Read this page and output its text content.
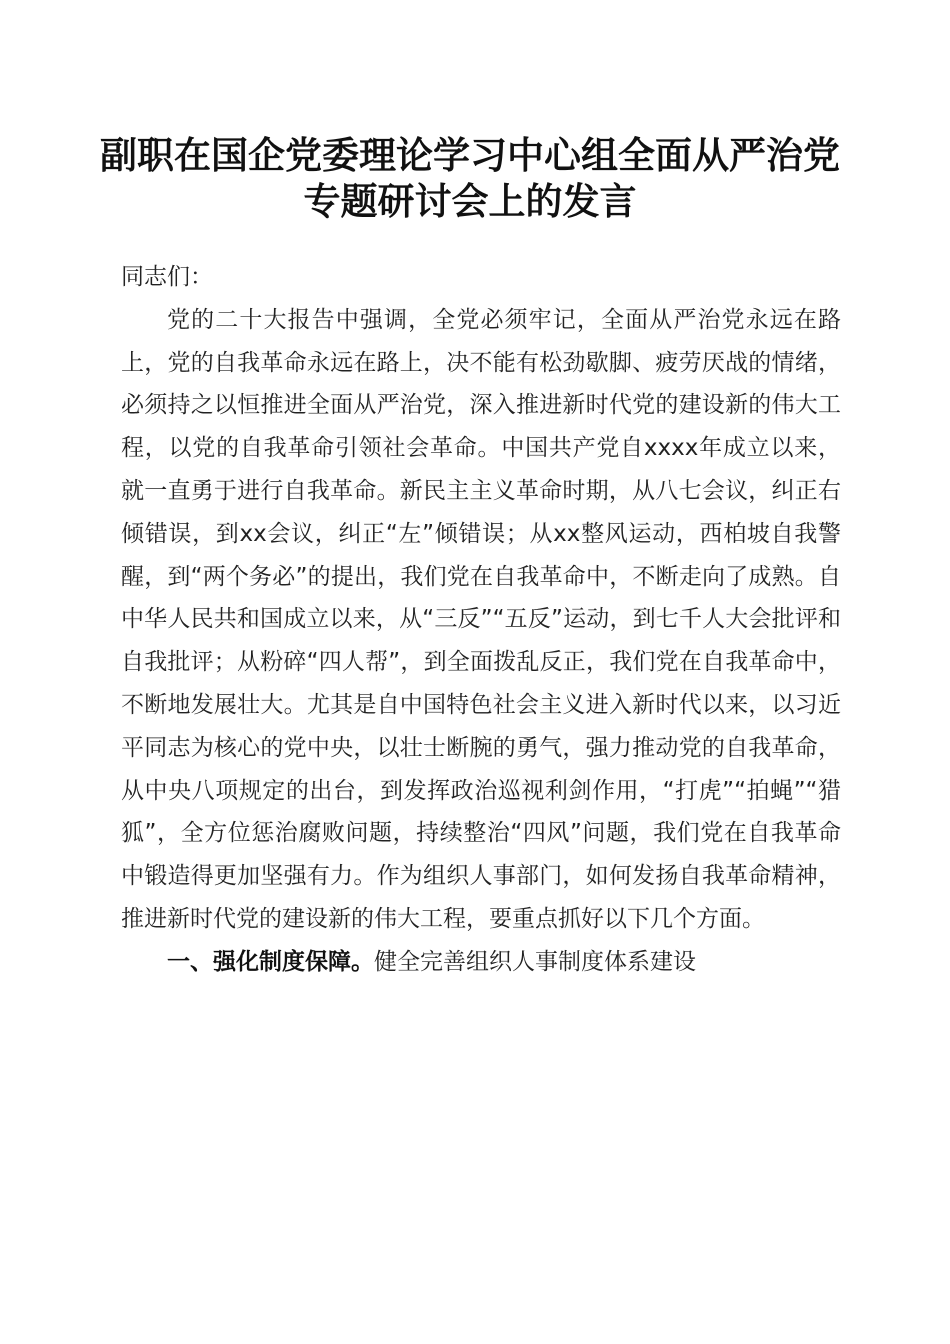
副职在国企党委理论学习中心组全面从严治党
专题研讨会上的发言

同志们：

党的二十大报告中强调，全党必须牢记，全面从严治党永远在路上，党的自我革命永远在路上，决不能有松劲歇脚、疲劳厌战的情绪，必须持之以恒推进全面从严治党，深入推进新时代党的建设新的伟大工程，以党的自我革命引领社会革命。中国共产党自xxxx年成立以来，就一直勇于进行自我革命。新民主主义革命时期，从八七会议，纠正右倾错误，到xx会议，纠正“左”倾错误；从xx整风运动，西柏坡自我警醒，到“两个务必”的提出，我们党在自我革命中，不断走向了成熟。自中华人民共和国成立以来，从“三反”“五反”运动，到七千人大会批评和自我批评；从粉碎“四人帮”，到全面拨乱反正，我们党在自我革命中，不断地发展壮大。尤其是自中国特色社会主义进入新时代以来，以习近平同志为核心的党中央，以壮士断腕的勇气，强力推动党的自我革命，从中央八项规定的出台，到发挥政治巡视利剑作用，“打虎”“拍蝇”“猎狐”，全方位惩治腐败问题，持续整治“四风”问题，我们党在自我革命中锻造得更加坚强有力。作为组织人事部门，如何发扬自我革命精神，推进新时代党的建设新的伟大工程，要重点抓好以下几个方面。

一、强化制度保障。健全完善组织人事制度体系建设
